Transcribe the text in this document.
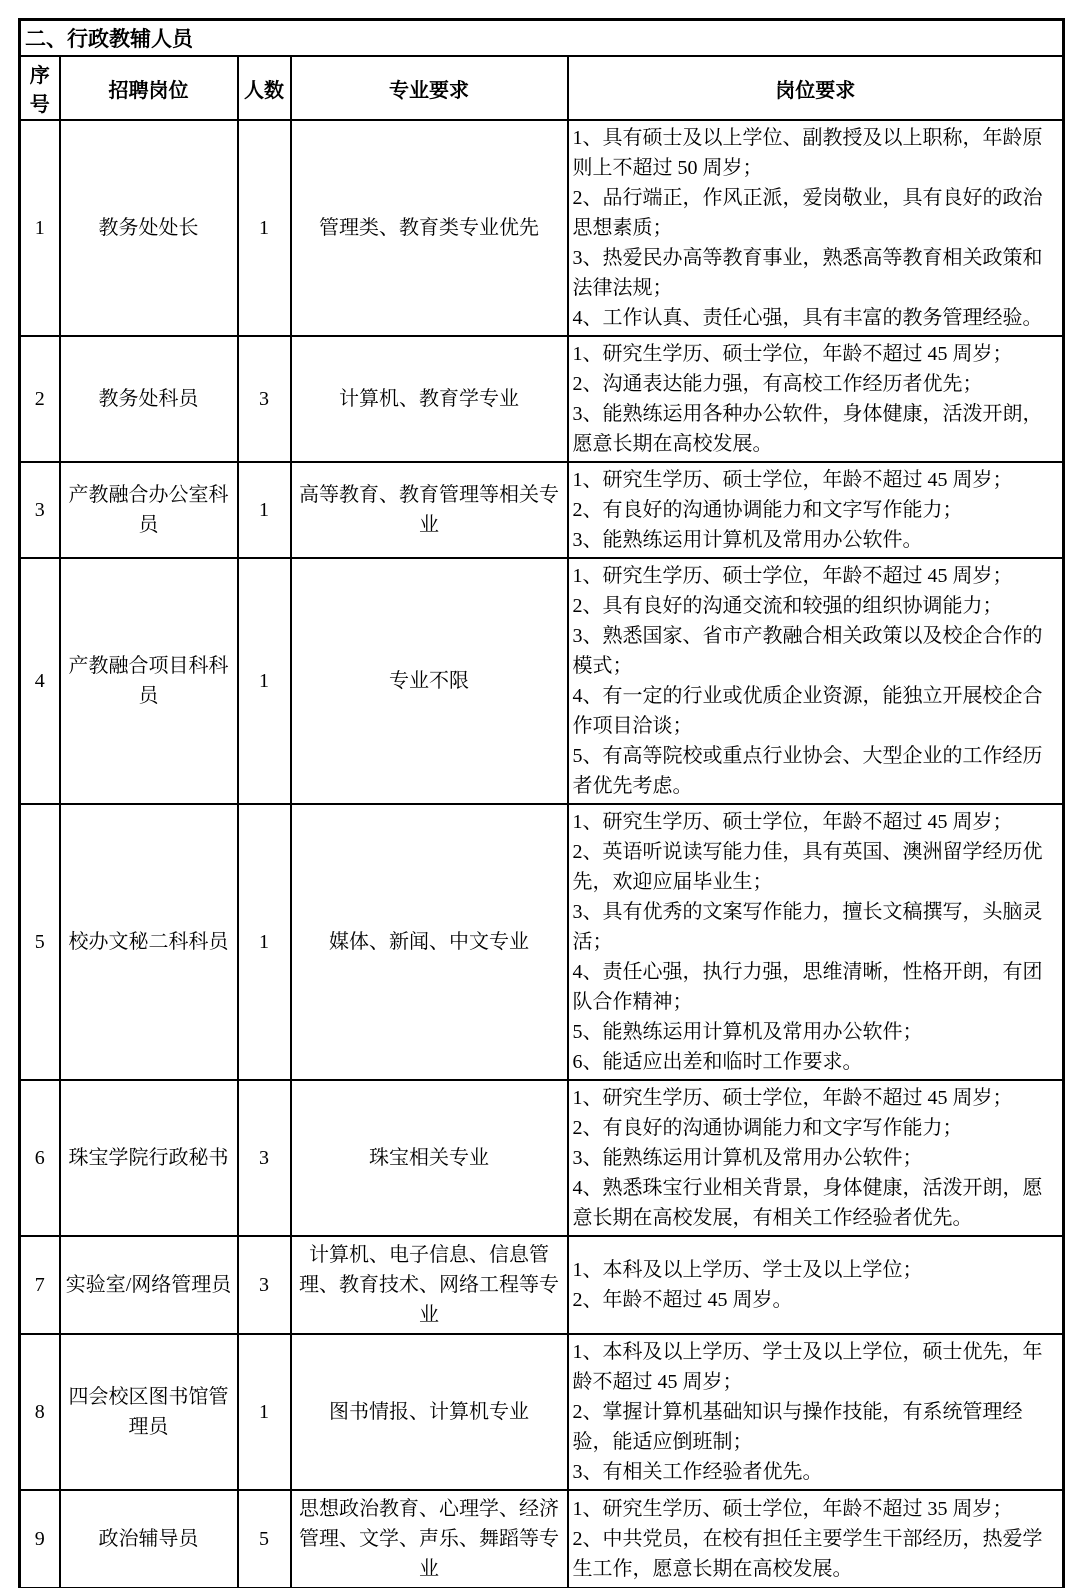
二、行政教辅人员				
序号	招聘岗位	人数	专业要求	岗位要求
1	教务处处长	1	管理类、教育类专业优先	1、具有硕士及以上学位、副教授及以上职称，年龄原则上不超过 50 周岁；
2、品行端正，作风正派，爱岗敬业，具有良好的政治思想素质；
3、热爱民办高等教育事业，熟悉高等教育相关政策和法律法规；
4、工作认真、责任心强，具有丰富的教务管理经验。

2	教务处科员	3	计算机、教育学专业	1、研究生学历、硕士学位，年龄不超过 45 周岁；
2、沟通表达能力强，有高校工作经历者优先；
3、能熟练运用各种办公软件，身体健康，活泼开朗，愿意长期在高校发展。

3	产教融合办公室科员	1	高等教育、教育管理等相关专业	1、研究生学历、硕士学位，年龄不超过 45 周岁；
2、有良好的沟通协调能力和文字写作能力；
3、能熟练运用计算机及常用办公软件。

4	产教融合项目科科员	1	专业不限	1、研究生学历、硕士学位，年龄不超过 45 周岁；
2、具有良好的沟通交流和较强的组织协调能力；
3、熟悉国家、省市产教融合相关政策以及校企合作的模式；
4、有一定的行业或优质企业资源，能独立开展校企合作项目洽谈；
5、有高等院校或重点行业协会、大型企业的工作经历者优先考虑。

5	校办文秘二科科员	1	媒体、新闻、中文专业	
1、研究生学历、硕士学位，年龄不超过 45 周岁；
2、英语听说读写能力佳，具有英国、澳洲留学经历优先，欢迎应届毕业生；
3、具有优秀的文案写作能力，擅长文稿撰写，头脑灵活；
4、责任心强，执行力强，思维清晰，性格开朗，有团队合作精神；
5、能熟练运用计算机及常用办公软件；
6、能适应出差和临时工作要求。

6	珠宝学院行政秘书	3	珠宝相关专业	1、研究生学历、硕士学位，年龄不超过 45 周岁；
2、有良好的沟通协调能力和文字写作能力；
3、能熟练运用计算机及常用办公软件；
4、熟悉珠宝行业相关背景，身体健康，活泼开朗，愿意长期在高校发展，有相关工作经验者优先。

7	实验室/网络管理员	3	计算机、电子信息、信息管理、教育技术、网络工程等专业	1、本科及以上学历、学士及以上学位；
2、年龄不超过 45 周岁。

8	四会校区图书馆管理员	1	图书情报、计算机专业	1、本科及以上学历、学士及以上学位，硕士优先，年龄不超过 45 周岁；
2、掌握计算机基础知识与操作技能，有系统管理经验，能适应倒班制；
3、有相关工作经验者优先。

9	政治辅导员	5	思想政治教育、心理学、经济管理、文学、声乐、舞蹈等专业	1、研究生学历、硕士学位，年龄不超过 35 周岁；
2、中共党员，在校有担任主要学生干部经历，热爱学生工作，愿意长期在高校发展。
